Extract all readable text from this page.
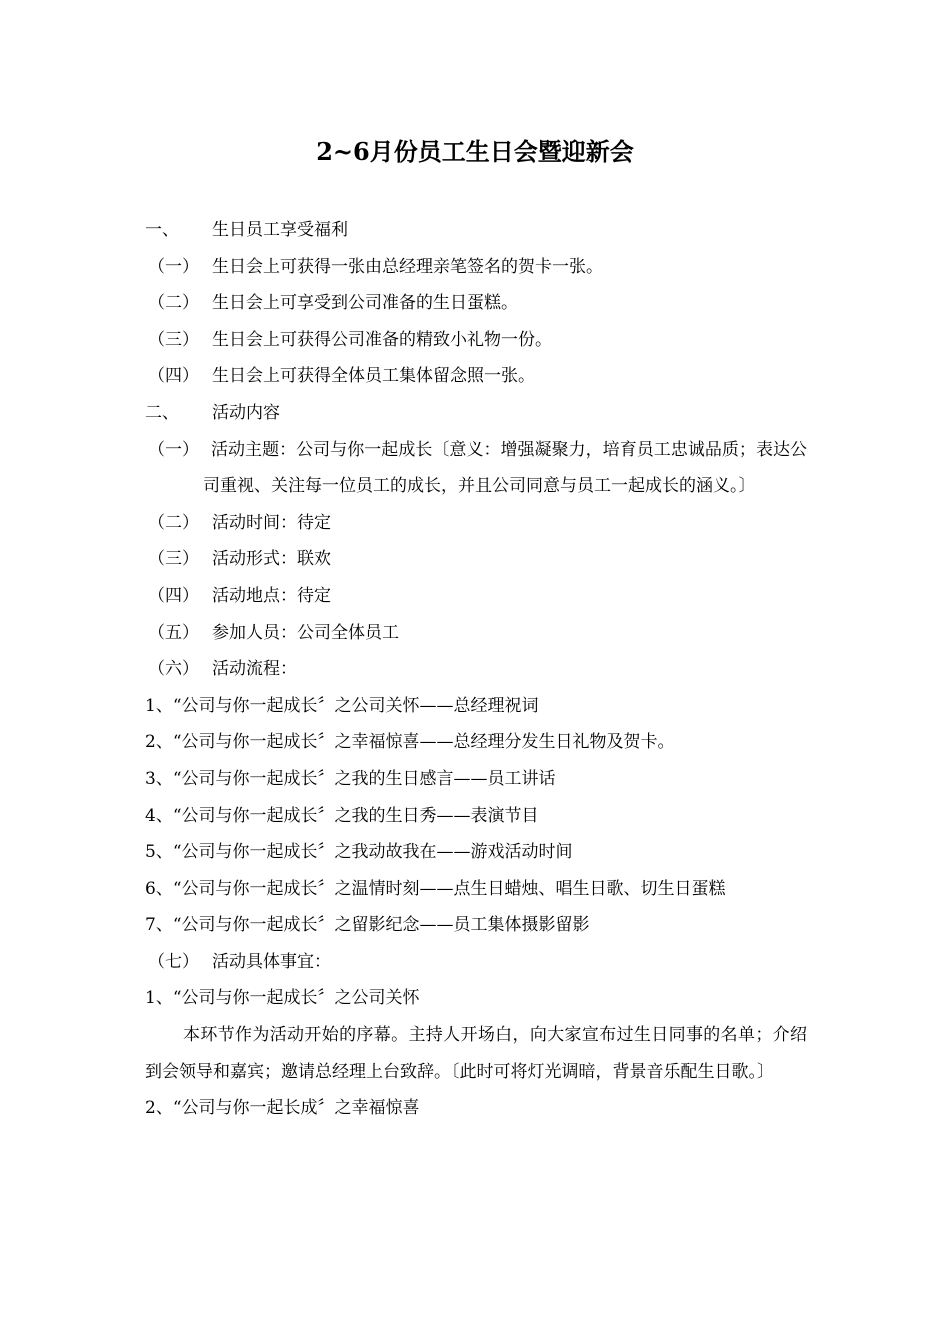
2~6月份员工生日会暨迎新会
一、 生日员工享受福利
（一） 生日会上可获得一张由总经理亲笔签名的贺卡一张。
（二） 生日会上可享受到公司准备的生日蛋糕。
（三） 生日会上可获得公司准备的精致小礼物一份。
（四） 生日会上可获得全体员工集体留念照一张。
二、 活动内容
（一） 活动主题：公司与你一起成长〔意义：增强凝聚力，培育员工忠诚品质；表达公司重视、关注每一位员工的成长，并且公司同意与员工一起成长的涵义。〕
（二） 活动时间：待定
（三） 活动形式：联欢
（四） 活动地点：待定
（五） 参加人员：公司全体员工
（六） 活动流程：
1、“公司与你一起成长〞之公司关怀——总经理祝词
2、“公司与你一起成长〞之幸福惊喜——总经理分发生日礼物及贺卡。
3、“公司与你一起成长〞之我的生日感言——员工讲话
4、“公司与你一起成长〞之我的生日秀——表演节目
5、“公司与你一起成长〞之我动故我在——游戏活动时间
6、“公司与你一起成长〞之温情时刻——点生日蜡烛、唱生日歌、切生日蛋糕
7、“公司与你一起成长〞之留影纪念——员工集体摄影留影
（七） 活动具体事宜：
1、“公司与你一起成长〞之公司关怀
本环节作为活动开始的序幕。主持人开场白，向大家宣布过生日同事的名单；介绍到会领导和嘉宾；邀请总经理上台致辞。〔此时可将灯光调暗，背景音乐配生日歌。〕
2、“公司与你一起长成〞之幸福惊喜
